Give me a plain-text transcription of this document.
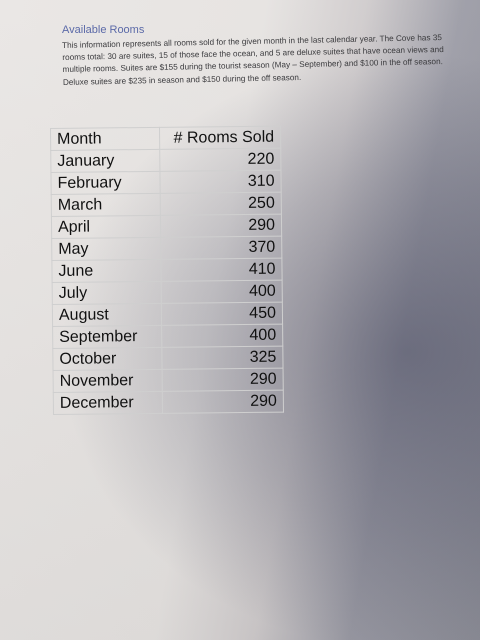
Available Rooms
This information represents all rooms sold for the given month in the last calendar year. The Cove has 35 rooms total: 30 are suites, 15 of those face the ocean, and 5 are deluxe suites that have ocean views and multiple rooms. Suites are $155 during the tourist season (May – September) and $100 in the off season. Deluxe suites are $235 in season and $150 during the off season.
Month	# Rooms Sold
January	220
February	310
March	250
April	290
May	370
June	410
July	400
August	450
September	400
October	325
November	290
December	290
